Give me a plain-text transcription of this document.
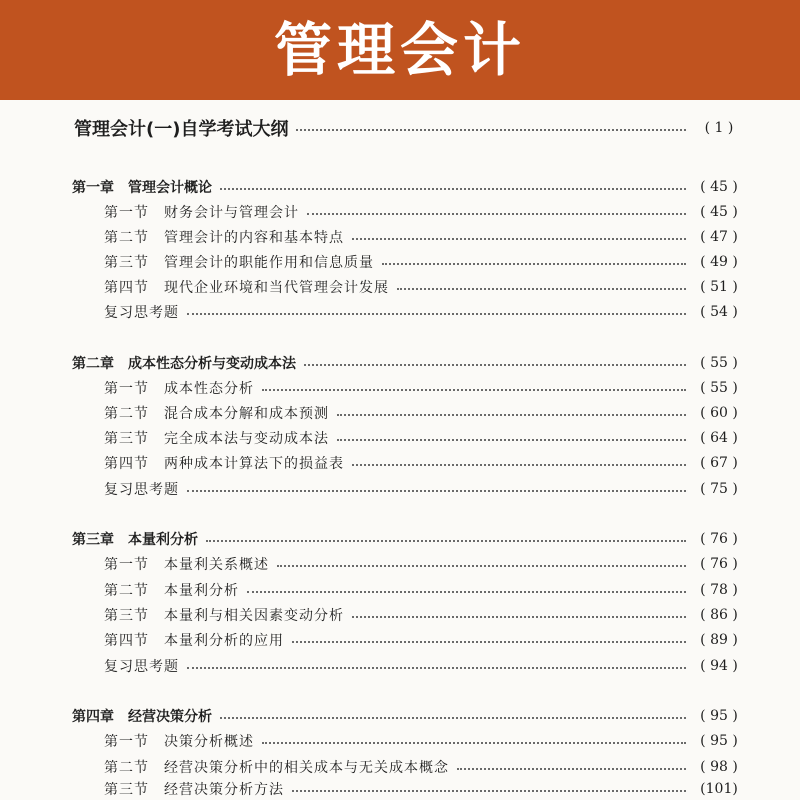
管理会计
管理会计(一)自学考试大纲	( 1 )
第一章　管理会计概论	( 45 )
第一节　财务会计与管理会计	( 45 )
第二节　管理会计的内容和基本特点	( 47 )
第三节　管理会计的职能作用和信息质量	( 49 )
第四节　现代企业环境和当代管理会计发展	( 51 )
复习思考题	( 54 )
第二章　成本性态分析与变动成本法	( 55 )
第一节　成本性态分析	( 55 )
第二节　混合成本分解和成本预测	( 60 )
第三节　完全成本法与变动成本法	( 64 )
第四节　两种成本计算法下的损益表	( 67 )
复习思考题	( 75 )
第三章　本量利分析	( 76 )
第一节　本量利关系概述	( 76 )
第二节　本量利分析	( 78 )
第三节　本量利与相关因素变动分析	( 86 )
第四节　本量利分析的应用	( 89 )
复习思考题	( 94 )
第四章　经营决策分析	( 95 )
第一节　决策分析概述	( 95 )
第二节　经营决策分析中的相关成本与无关成本概念	( 98 )
第三节　经营决策分析方法	(101)
